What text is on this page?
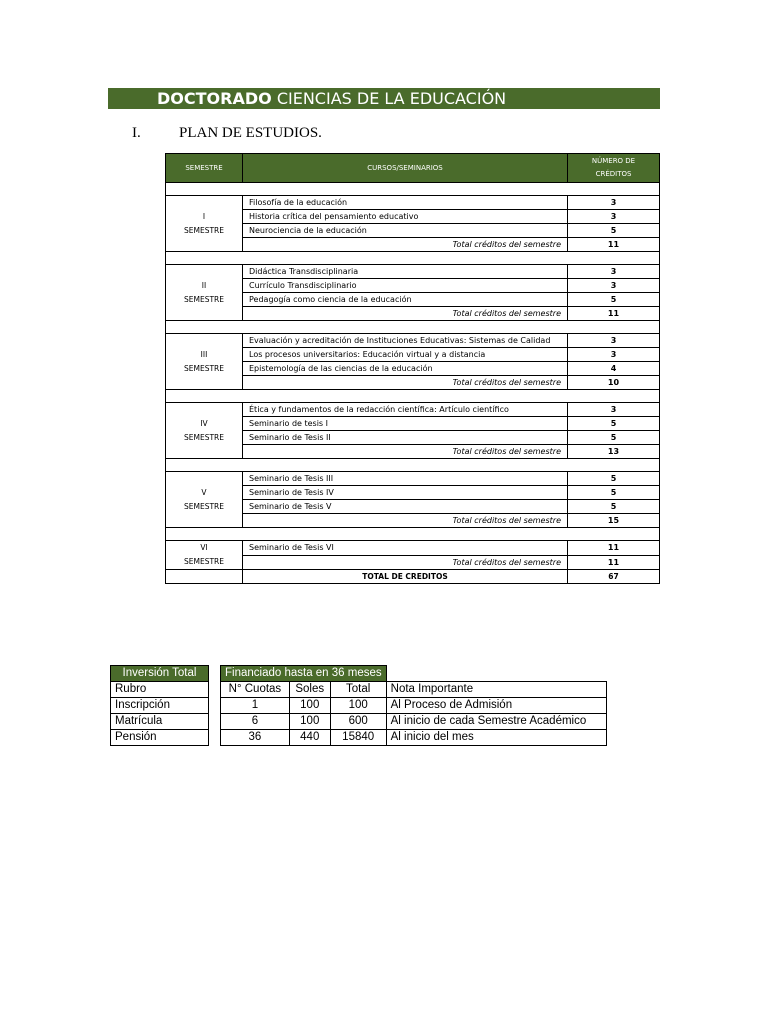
DOCTORADO CIENCIAS DE LA EDUCACIÓN
I.	PLAN DE ESTUDIOS.
SEMESTRE	CURSOS/SEMINARIOS	NÚMERO DE
CRÉDITOS

I
SEMESTRE	Filosofía de la educación	3
	Historia crítica del pensamiento educativo	3
	Neurociencia de la educación	5
	Total créditos del semestre	11

II
SEMESTRE	Didáctica Transdisciplinaria	3
	Currículo Transdisciplinario	3
	Pedagogía como ciencia de la educación	5
	Total créditos del semestre	11

III
SEMESTRE	Evaluación y acreditación de Instituciones Educativas: Sistemas de Calidad	3
	Los procesos universitarios: Educación virtual y a distancia	3
	Epistemología de las ciencias de la educación	4
	Total créditos del semestre	10

IV
SEMESTRE	Ética y fundamentos de la redacción científica: Artículo científico	3
	Seminario de tesis I	5
	Seminario de Tesis II	5
	Total créditos del semestre	13

V
SEMESTRE	Seminario de Tesis III	5
	Seminario de Tesis IV	5
	Seminario de Tesis V	5
	Total créditos del semestre	15

VI
SEMESTRE	Seminario de Tesis VI	11
	Total créditos del semestre	11
	TOTAL DE CREDITOS	67
Inversión Total		Financiado hasta en 36 meses			
Rubro		N° Cuotas	Soles	Total	Nota Importante
Inscripción		1	100	100	Al Proceso de Admisión
Matrícula		6	100	600	Al inicio de cada Semestre Académico
Pensión		36	440	15840	Al inicio del mes
